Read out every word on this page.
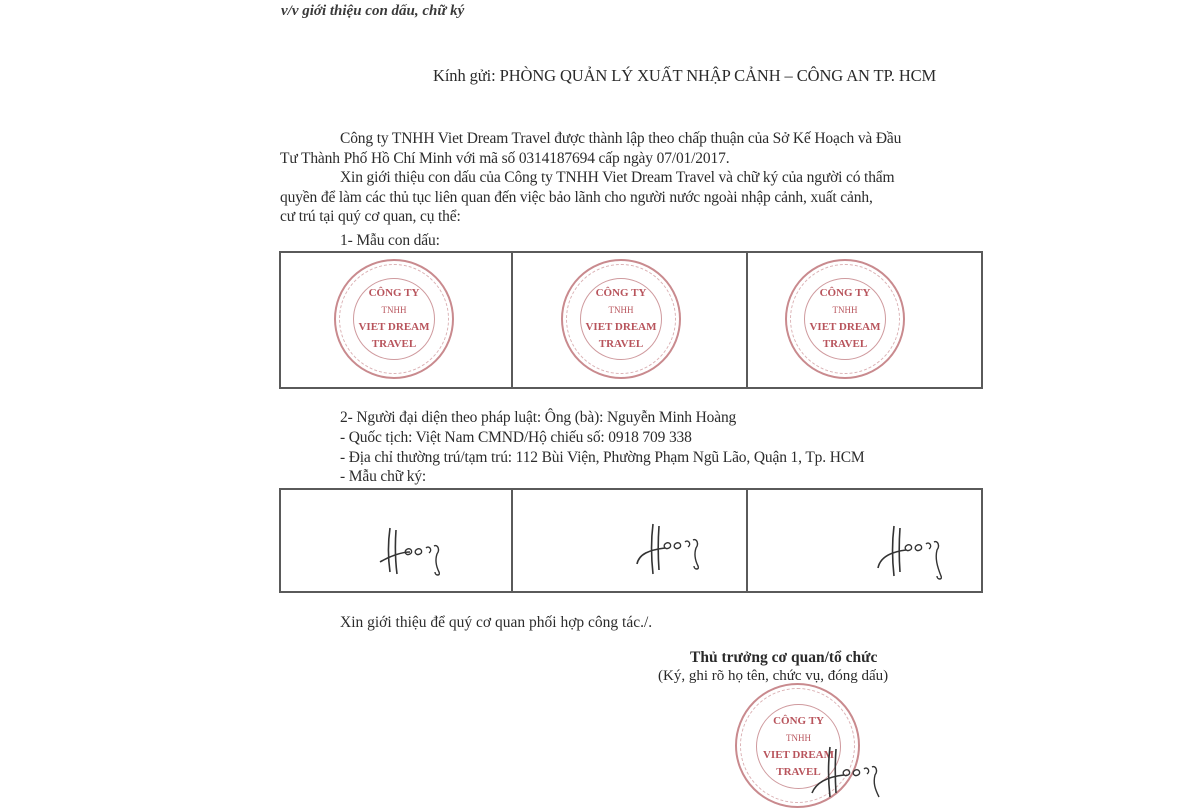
v/v giới thiệu con dấu, chữ ký
Kính gửi: PHÒNG QUẢN LÝ XUẤT NHẬP CẢNH – CÔNG AN TP. HCM
Công ty TNHH Viet Dream Travel được thành lập theo chấp thuận của Sở Kế Hoạch và Đầu
Tư Thành Phố Hồ Chí Minh với mã số 0314187694 cấp ngày 07/01/2017.
Xin giới thiệu con dấu của Công ty TNHH Viet Dream Travel và chữ ký của người có thẩm
quyền để làm các thủ tục liên quan đến việc bảo lãnh cho người nước ngoài nhập cảnh, xuất cảnh,
cư trú tại quý cơ quan, cụ thể:
1- Mẫu con dấu:
CÔNG TY
TNHH
VIET DREAM
TRAVEL
CÔNG TY
TNHH
VIET DREAM
TRAVEL
CÔNG TY
TNHH
VIET DREAM
TRAVEL
2- Người đại diện theo pháp luật: Ông (bà): Nguyễn Minh Hoàng
- Quốc tịch: Việt Nam CMND/Hộ chiếu số: 0918 709 338
- Địa chỉ thường trú/tạm trú: 112 Bùi Viện, Phường Phạm Ngũ Lão, Quận 1, Tp. HCM
- Mẫu chữ ký:
Xin giới thiệu để quý cơ quan phối hợp công tác./.
Thủ trưởng cơ quan/tổ chức
(Ký, ghi rõ họ tên, chức vụ, đóng dấu)
CÔNG TY
TNHH
VIET DREAM
TRAVEL
